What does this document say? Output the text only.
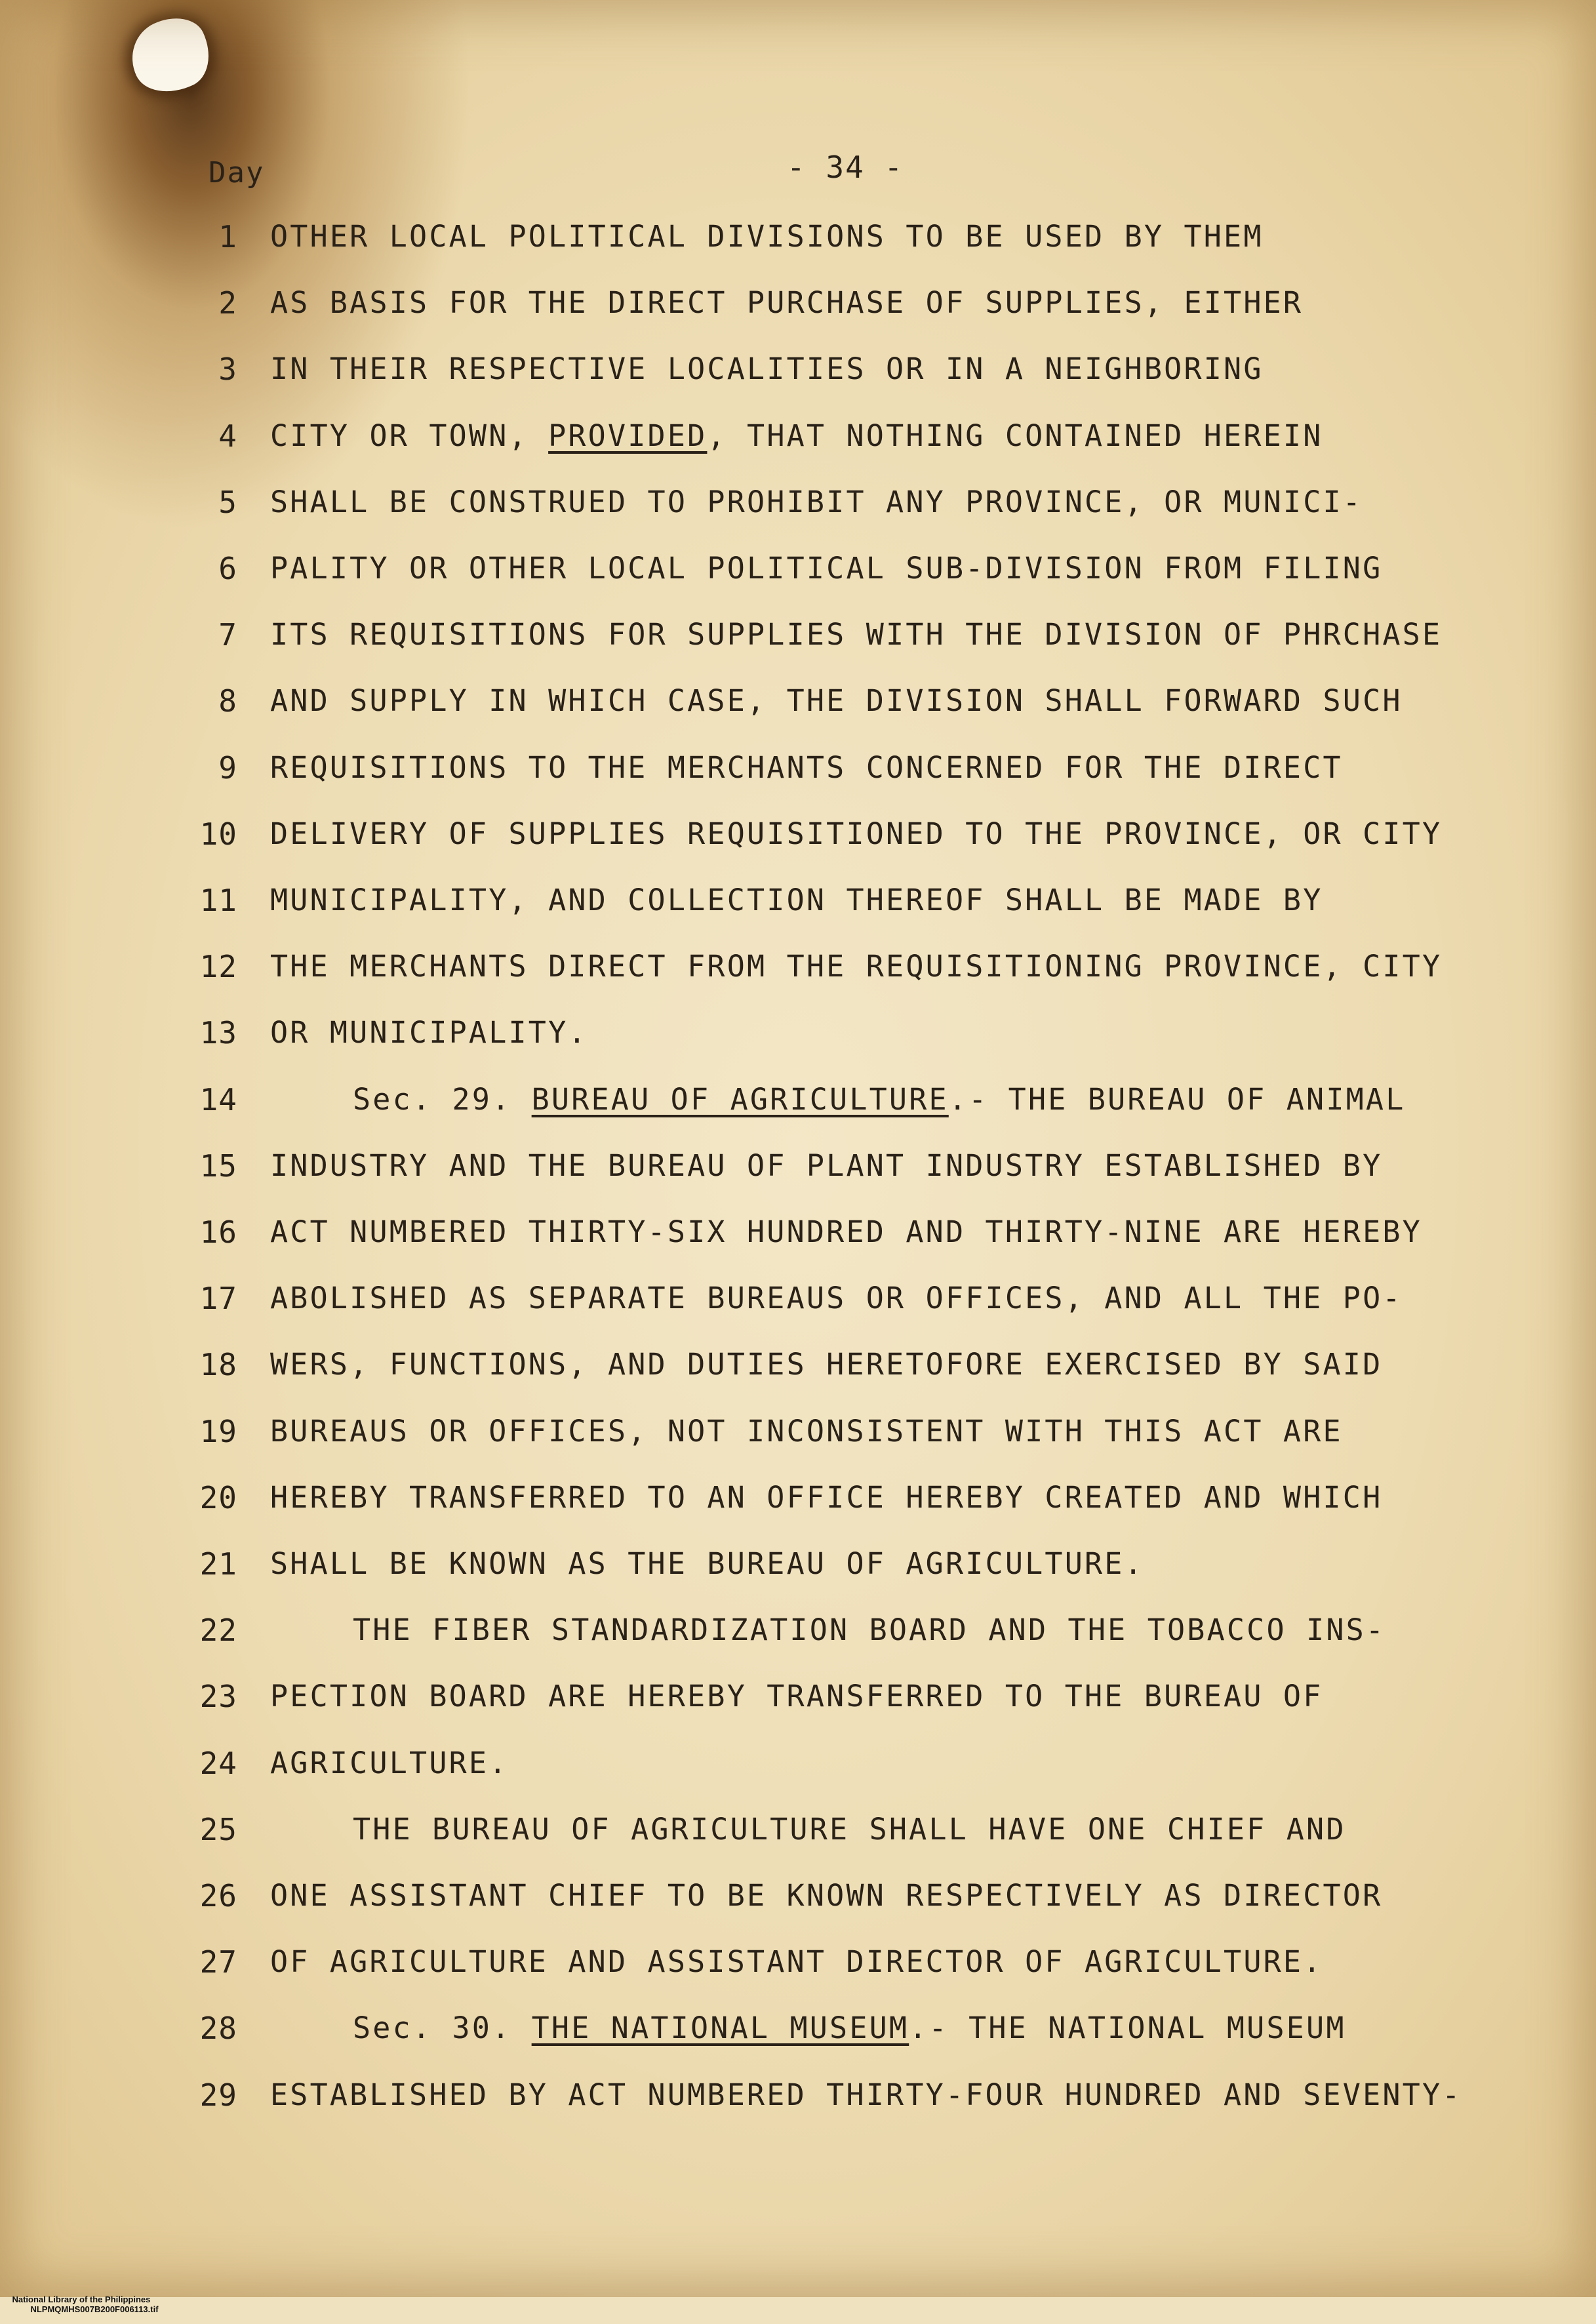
Day	- 34 -
1 OTHER LOCAL POLITICAL DIVISIONS TO BE USED BY THEM
2 AS BASIS FOR THE DIRECT PURCHASE OF SUPPLIES, EITHER
3 IN THEIR RESPECTIVE LOCALITIES OR IN A NEIGHBORING
4 CITY OR TOWN, PROVIDED, THAT NOTHING CONTAINED HEREIN
5 SHALL BE CONSTRUED TO PROHIBIT ANY PROVINCE, OR MUNICI-
6 PALITY OR OTHER LOCAL POLITICAL SUB-DIVISION FROM FILING
7 ITS REQUISITIONS FOR SUPPLIES WITH THE DIVISION OF PHRCHASE
8 AND SUPPLY IN WHICH CASE, THE DIVISION SHALL FORWARD SUCH
9 REQUISITIONS TO THE MERCHANTS CONCERNED FOR THE DIRECT
10 DELIVERY OF SUPPLIES REQUISITIONED TO THE PROVINCE, OR CITY
11 MUNICIPALITY, AND COLLECTION THEREOF SHALL BE MADE BY
12 THE MERCHANTS DIRECT FROM THE REQUISITIONING PROVINCE, CITY
13 OR MUNICIPALITY.
14	Sec. 29. BUREAU OF AGRICULTURE.- THE BUREAU OF ANIMAL
15 INDUSTRY AND THE BUREAU OF PLANT INDUSTRY ESTABLISHED BY
16 ACT NUMBERED THIRTY-SIX HUNDRED AND THIRTY-NINE ARE HEREBY
17 ABOLISHED AS SEPARATE BUREAUS OR OFFICES, AND ALL THE PO-
18 WERS, FUNCTIONS, AND DUTIES HERETOFORE EXERCISED BY SAID
19 BUREAUS OR OFFICES, NOT INCONSISTENT WITH THIS ACT ARE
20 HEREBY TRANSFERRED TO AN OFFICE HEREBY CREATED AND WHICH
21 SHALL BE KNOWN AS THE BUREAU OF AGRICULTURE.
22	THE FIBER STANDARDIZATION BOARD AND THE TOBACCO INS-
23 PECTION BOARD ARE HEREBY TRANSFERRED TO THE BUREAU OF
24 AGRICULTURE.
25	THE BUREAU OF AGRICULTURE SHALL HAVE ONE CHIEF AND
26 ONE ASSISTANT CHIEF TO BE KNOWN RESPECTIVELY AS DIRECTOR
27 OF AGRICULTURE AND ASSISTANT DIRECTOR OF AGRICULTURE.
28	Sec. 30. THE NATIONAL MUSEUM.- THE NATIONAL MUSEUM
29 ESTABLISHED BY ACT NUMBERED THIRTY-FOUR HUNDRED AND SEVENTY-

National Library of the Philippines
NLPMQMHS007B200F006113.tif
